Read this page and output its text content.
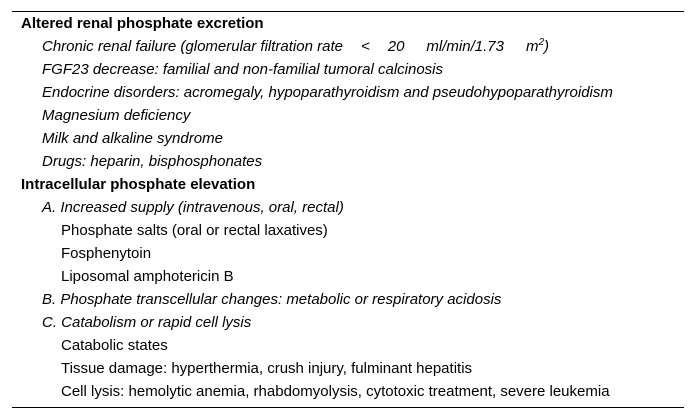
Altered renal phosphate excretion
Chronic renal failure (glomerular filtration rate < 20 ml/min/1.73 $m^2$)
FGF23 decrease: familial and non-familial tumoral calcinosis
Endocrine disorders: acromegaly, hypoparathyroidism and pseudohypoparathyroidism
Magnesium deficiency
Milk and alkaline syndrome
Drugs: heparin, bisphosphonates
Intracellular phosphate elevation
A. Increased supply (intravenous, oral, rectal)
Phosphate salts (oral or rectal laxatives)
Fosphenytoin
Liposomal amphotericin B
B. Phosphate transcellular changes: metabolic or respiratory acidosis
C. Catabolism or rapid cell lysis
Catabolic states
Tissue damage: hyperthermia, crush injury, fulminant hepatitis
Cell lysis: hemolytic anemia, rhabdomyolysis, cytotoxic treatment, severe leukemia
